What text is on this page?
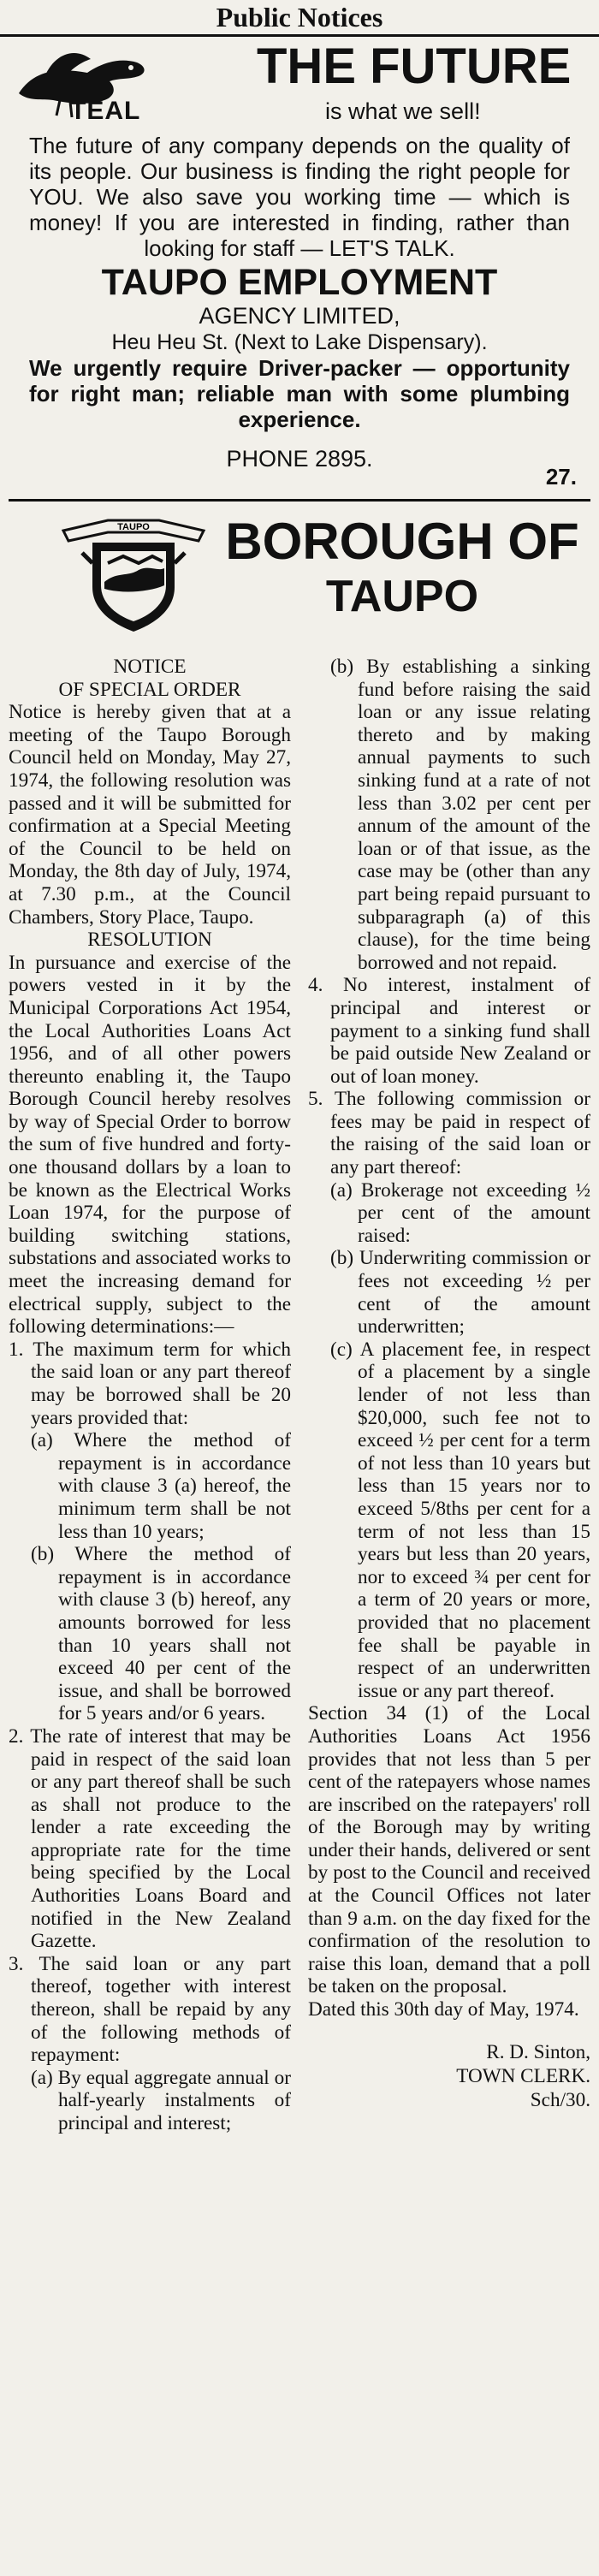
Public Notices
TEAL
THE FUTURE
is what we sell!

The future of any company depends on the quality of its people. Our business is finding the right people for YOU. We also save you working time — which is money! If you are interested in finding, rather than looking for staff — LET'S TALK.

TAUPO EMPLOYMENT

AGENCY LIMITED,

Heu Heu St. (Next to Lake Dispensary).

We urgently require Driver-packer — opportunity for right man; reliable man with some plumbing experience.

PHONE 2895.

27.
TAUPO	BOROUGH OF
TAUPO

NOTICE

OF SPECIAL ORDER

Notice is hereby given that at a meeting of the Taupo Borough Council held on Monday, May 27, 1974, the following resolution was passed and it will be submitted for confirmation at a Special Meeting of the Council to be held on Monday, the 8th day of July, 1974, at 7.30 p.m., at the Council Chambers, Story Place, Taupo.

RESOLUTION

In pursuance and exercise of the powers vested in it by the Municipal Corporations Act 1954, the Local Authorities Loans Act 1956, and of all other powers thereunto enabling it, the Taupo Borough Council hereby resolves by way of Special Order to borrow the sum of five hundred and forty-one thousand dollars by a loan to be known as the Electrical Works Loan 1974, for the purpose of building switching stations, substations and associated works to meet the increasing demand for electrical supply, subject to the following determinations:—

1. The maximum term for which the said loan or any part thereof may be borrowed shall be 20 years provided that:

(a) Where the method of repayment is in accordance with clause 3 (a) hereof, the minimum term shall be not less than 10 years;

(b) Where the method of repayment is in accordance with clause 3 (b) hereof, any amounts borrowed for less than 10 years shall not exceed 40 per cent of the issue, and shall be borrowed for 5 years and/or 6 years.

2. The rate of interest that may be paid in respect of the said loan or any part thereof shall be such as shall not produce to the lender a rate exceeding the appropriate rate for the time being specified by the Local Authorities Loans Board and notified in the New Zealand Gazette.

3. The said loan or any part thereof, together with interest thereon, shall be repaid by any of the following methods of repayment:

(a) By equal aggregate annual or half-yearly instalments of principal and interest;

(b) By establishing a sinking fund before raising the said loan or any issue relating thereto and by making annual payments to such sinking fund at a rate of not less than 3.02 per cent per annum of the amount of the loan or of that issue, as the case may be (other than any part being repaid pursuant to subparagraph (a) of this clause), for the time being borrowed and not repaid.

4. No interest, instalment of principal and interest or payment to a sinking fund shall be paid outside New Zealand or out of loan money.

5. The following commission or fees may be paid in respect of the raising of the said loan or any part thereof:

(a) Brokerage not exceeding ½ per cent of the amount raised:

(b) Underwriting commission or fees not exceeding ½ per cent of the amount underwritten;

(c) A placement fee, in respect of a placement by a single lender of not less than $20,000, such fee not to exceed ½ per cent for a term of not less than 10 years but less than 15 years nor to exceed 5/8ths per cent for a term of not less than 15 years but less than 20 years, nor to exceed ¾ per cent for a term of 20 years or more, provided that no placement fee shall be payable in respect of an underwritten issue or any part thereof.

Section 34 (1) of the Local Authorities Loans Act 1956 provides that not less than 5 per cent of the ratepayers whose names are inscribed on the ratepayers' roll of the Borough may by writing under their hands, delivered or sent by post to the Council and received at the Council Offices not later than 9 a.m. on the day fixed for the confirmation of the resolution to raise this loan, demand that a poll be taken on the proposal.

Dated this 30th day of May, 1974.

R. D. Sinton,

TOWN CLERK.

Sch/30.
